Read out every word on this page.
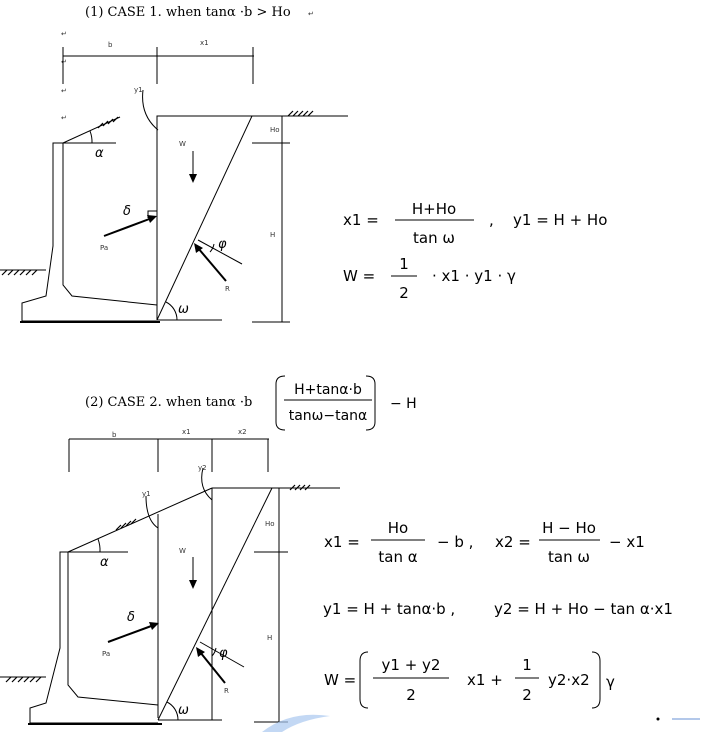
(1) CASE 1. when tanα ·b > Ho ↵
↵
↵
↵
↵
b	x1
α
ω
y1
W
δ
Pa	φ
R
Ho
H
x1 =
H+Ho
tan ω
, y1 = H + Ho
W =
1
2
· x1 · y1 · γ
(2) CASE 2. when tanα ·b
H+tanα·b
tanω−tanα
− H
b	x1	x2
α
ω
y1
y2
W
δ
Pa	φ
R
Ho
H
x1 =
Ho
tan α
− b , x2 =
H − Ho
tan ω
− x1
y1 = H + tanα·b ,	y2 = H + Ho − tan α·x1
W =
y1 + y2
2
x1 +
1
2
y2·x2 γ
